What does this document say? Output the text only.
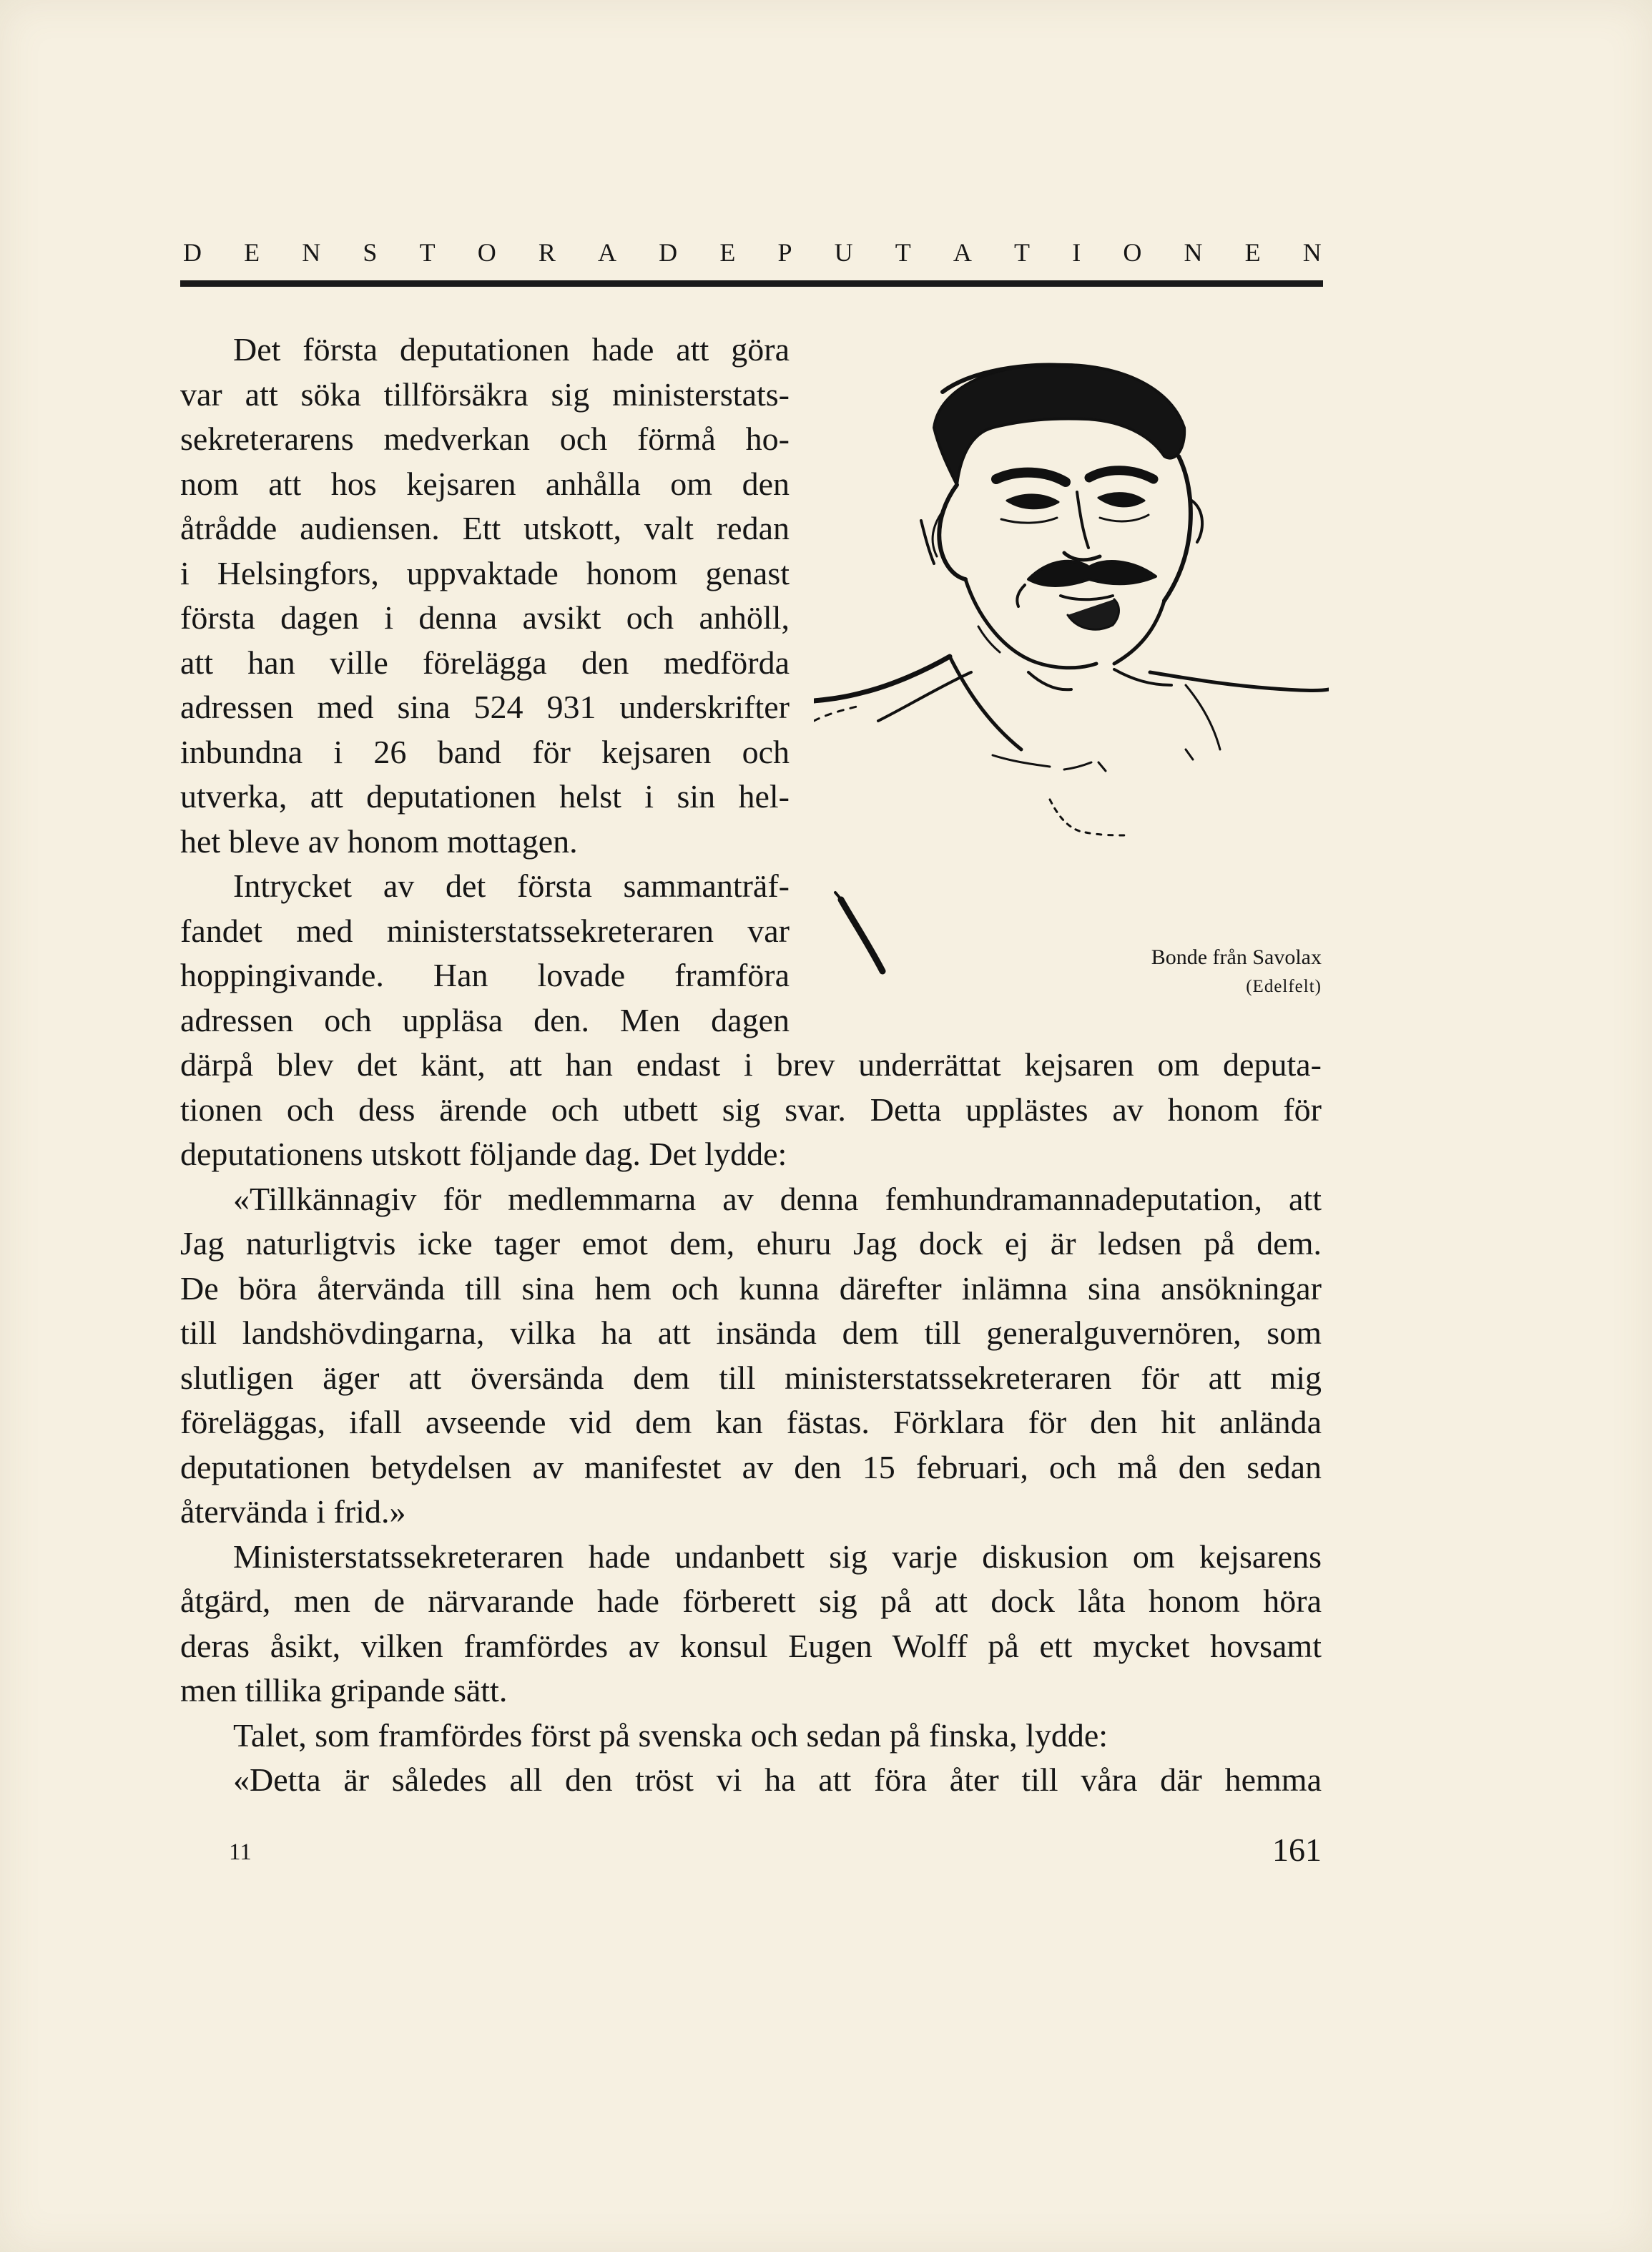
D E N S T O R A D E P U T A T I O N E N
Det första deputationen hade att göra
var att söka tillförsäkra sig ministerstats-
sekreterarens medverkan och förmå ho-
nom att hos kejsaren anhålla om den
åtrådde audiensen. Ett utskott, valt redan
i Helsingfors, uppvaktade honom genast
första dagen i denna avsikt och anhöll,
att han ville förelägga den medförda
adressen med sina 524 931 underskrifter
inbundna i 26 band för kejsaren och
utverka, att deputationen helst i sin hel-
het bleve av honom mottagen.
Intrycket av det första sammanträf-
fandet med ministerstatssekreteraren var
hoppingivande. Han lovade framföra
adressen och uppläsa den. Men dagen
Bonde från Savolax
(Edelfelt)
därpå blev det känt, att han endast i brev underrättat kejsaren om deputa-
tionen och dess ärende och utbett sig svar. Detta upplästes av honom för
deputationens utskott följande dag. Det lydde:
«Tillkännagiv för medlemmarna av denna femhundramannadeputation, att
Jag naturligtvis icke tager emot dem, ehuru Jag dock ej är ledsen på dem.
De böra återvända till sina hem och kunna därefter inlämna sina ansökningar
till landshövdingarna, vilka ha att insända dem till generalguvernören, som
slutligen äger att översända dem till ministerstatssekreteraren för att mig
föreläggas, ifall avseende vid dem kan fästas. Förklara för den hit anlända
deputationen betydelsen av manifestet av den 15 februari, och må den sedan
återvända i frid.»
Ministerstatssekreteraren hade undanbett sig varje diskusion om kejsarens
åtgärd, men de närvarande hade förberett sig på att dock låta honom höra
deras åsikt, vilken framfördes av konsul Eugen Wolff på ett mycket hovsamt
men tillika gripande sätt.
Talet, som framfördes först på svenska och sedan på finska, lydde:
«Detta är således all den tröst vi ha att föra åter till våra där hemma
11	161
